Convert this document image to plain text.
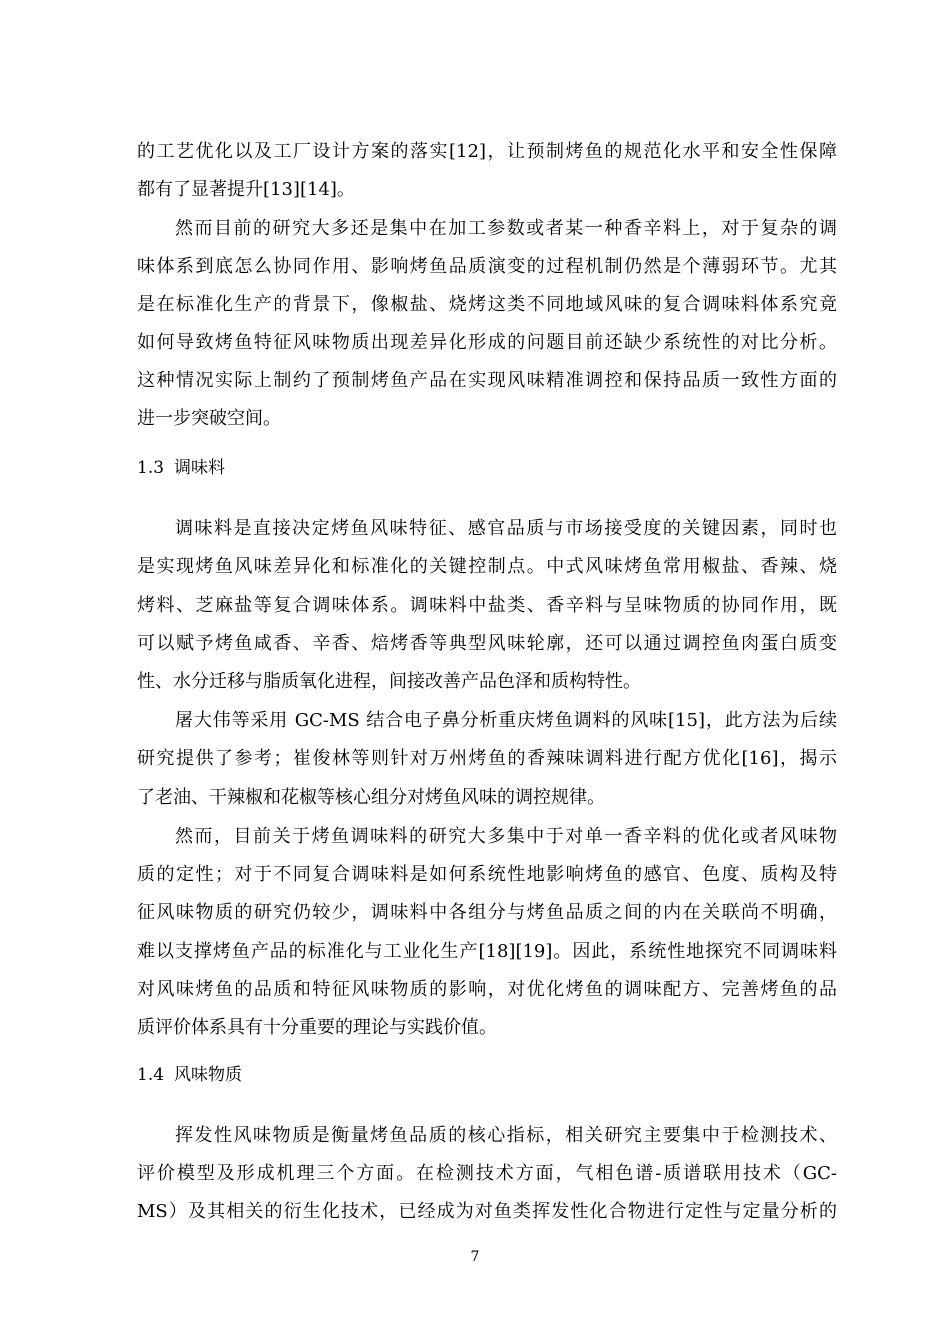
的工艺优化以及工厂设计方案的落实[12]，让预制烤鱼的规范化水平和安全性保障
都有了显著提升[13][14]。
然而目前的研究大多还是集中在加工参数或者某一种香辛料上，对于复杂的调
味体系到底怎么协同作用、影响烤鱼品质演变的过程机制仍然是个薄弱环节。尤其
是在标准化生产的背景下，像椒盐、烧烤这类不同地域风味的复合调味料体系究竟
如何导致烤鱼特征风味物质出现差异化形成的问题目前还缺少系统性的对比分析。
这种情况实际上制约了预制烤鱼产品在实现风味精准调控和保持品质一致性方面的
进一步突破空间。
1.3 调味料
调味料是直接决定烤鱼风味特征、感官品质与市场接受度的关键因素，同时也
是实现烤鱼风味差异化和标准化的关键控制点。中式风味烤鱼常用椒盐、香辣、烧
烤料、芝麻盐等复合调味体系。调味料中盐类、香辛料与呈味物质的协同作用，既
可以赋予烤鱼咸香、辛香、焙烤香等典型风味轮廓，还可以通过调控鱼肉蛋白质变
性、水分迁移与脂质氧化进程，间接改善产品色泽和质构特性。
屠大伟等采用 GC-MS 结合电子鼻分析重庆烤鱼调料的风味[15]，此方法为后续
研究提供了参考；崔俊林等则针对万州烤鱼的香辣味调料进行配方优化[16]，揭示
了老油、干辣椒和花椒等核心组分对烤鱼风味的调控规律。
然而，目前关于烤鱼调味料的研究大多集中于对单一香辛料的优化或者风味物
质的定性；对于不同复合调味料是如何系统性地影响烤鱼的感官、色度、质构及特
征风味物质的研究仍较少，调味料中各组分与烤鱼品质之间的内在关联尚不明确，
难以支撑烤鱼产品的标准化与工业化生产[18][19]。因此，系统性地探究不同调味料
对风味烤鱼的品质和特征风味物质的影响，对优化烤鱼的调味配方、完善烤鱼的品
质评价体系具有十分重要的理论与实践价值。
1.4 风味物质
挥发性风味物质是衡量烤鱼品质的核心指标，相关研究主要集中于检测技术、
评价模型及形成机理三个方面。在检测技术方面，气相色谱-质谱联用技术（GC-
MS）及其相关的衍生化技术，已经成为对鱼类挥发性化合物进行定性与定量分析的
7
